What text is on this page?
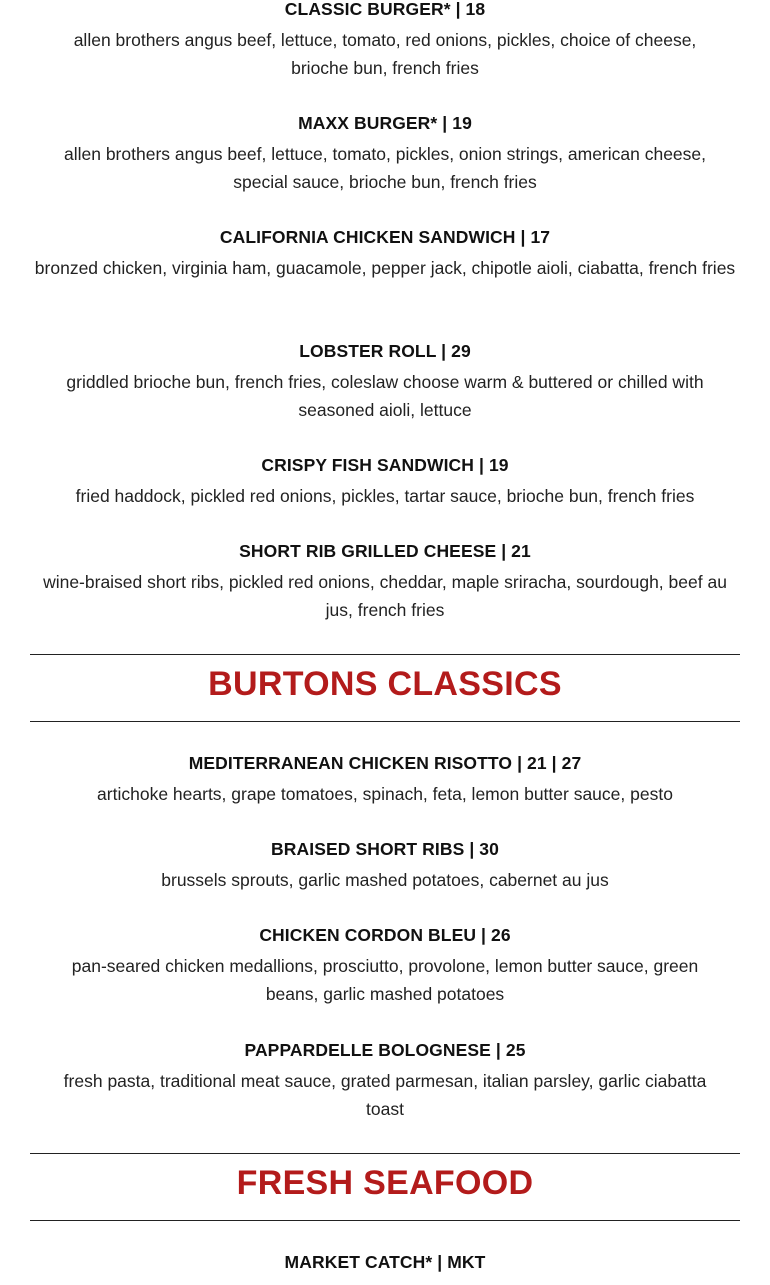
CLASSIC BURGER* | 18
allen brothers angus beef, lettuce, tomato, red onions, pickles, choice of cheese, brioche bun, french fries
MAXX BURGER* | 19
allen brothers angus beef, lettuce, tomato, pickles, onion strings, american cheese, special sauce, brioche bun, french fries
CALIFORNIA CHICKEN SANDWICH | 17
bronzed chicken, virginia ham, guacamole, pepper jack, chipotle aioli, ciabatta, french fries
LOBSTER ROLL | 29
griddled brioche bun, french fries, coleslaw choose warm & buttered or chilled with seasoned aioli, lettuce
CRISPY FISH SANDWICH | 19
fried haddock, pickled red onions, pickles, tartar sauce, brioche bun, french fries
SHORT RIB GRILLED CHEESE | 21
wine-braised short ribs, pickled red onions, cheddar, maple sriracha, sourdough, beef au jus, french fries
BURTONS CLASSICS
MEDITERRANEAN CHICKEN RISOTTO | 21 | 27
artichoke hearts, grape tomatoes, spinach, feta, lemon butter sauce, pesto
BRAISED SHORT RIBS | 30
brussels sprouts, garlic mashed potatoes, cabernet au jus
CHICKEN CORDON BLEU | 26
pan-seared chicken medallions, prosciutto, provolone, lemon butter sauce, green beans, garlic mashed potatoes
PAPPARDELLE BOLOGNESE | 25
fresh pasta, traditional meat sauce, grated parmesan, italian parsley, garlic ciabatta toast
FRESH SEAFOOD
MARKET CATCH* | MKT
